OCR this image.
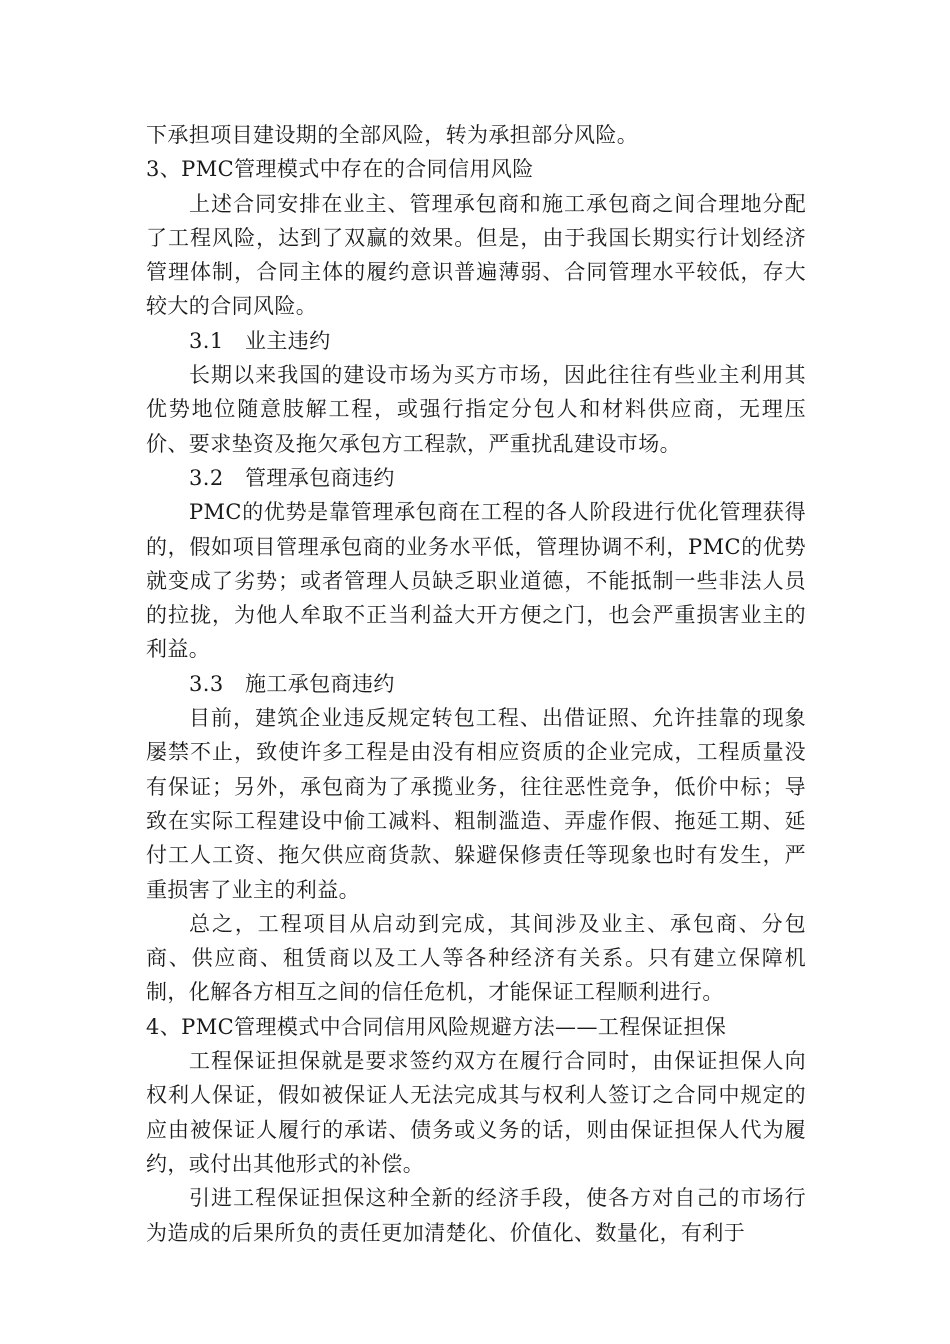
下承担项目建设期的全部风险，转为承担部分风险。

3、PMC管理模式中存在的合同信用风险

上述合同安排在业主、管理承包商和施工承包商之间合理地分配了工程风险，达到了双赢的效果。但是，由于我国长期实行计划经济管理体制，合同主体的履约意识普遍薄弱、合同管理水平较低，存大较大的合同风险。

3.1　业主违约

长期以来我国的建设市场为买方市场，因此往往有些业主利用其优势地位随意肢解工程，或强行指定分包人和材料供应商，无理压价、要求垫资及拖欠承包方工程款，严重扰乱建设市场。

3.2　管理承包商违约

PMC的优势是靠管理承包商在工程的各人阶段进行优化管理获得的，假如项目管理承包商的业务水平低，管理协调不利，PMC的优势就变成了劣势；或者管理人员缺乏职业道德，不能抵制一些非法人员的拉拢，为他人牟取不正当利益大开方便之门，也会严重损害业主的利益。

3.3　施工承包商违约

目前，建筑企业违反规定转包工程、出借证照、允许挂靠的现象屡禁不止，致使许多工程是由没有相应资质的企业完成，工程质量没有保证；另外，承包商为了承揽业务，往往恶性竞争，低价中标；导致在实际工程建设中偷工减料、粗制滥造、弄虚作假、拖延工期、延付工人工资、拖欠供应商货款、躲避保修责任等现象也时有发生，严重损害了业主的利益。

总之，工程项目从启动到完成，其间涉及业主、承包商、分包商、供应商、租赁商以及工人等各种经济有关系。只有建立保障机制，化解各方相互之间的信任危机，才能保证工程顺利进行。

4、PMC管理模式中合同信用风险规避方法——工程保证担保

工程保证担保就是要求签约双方在履行合同时，由保证担保人向权利人保证，假如被保证人无法完成其与权利人签订之合同中规定的应由被保证人履行的承诺、债务或义务的话，则由保证担保人代为履约，或付出其他形式的补偿。

引进工程保证担保这种全新的经济手段，使各方对自己的市场行为造成的后果所负的责任更加清楚化、价值化、数量化，有利于
